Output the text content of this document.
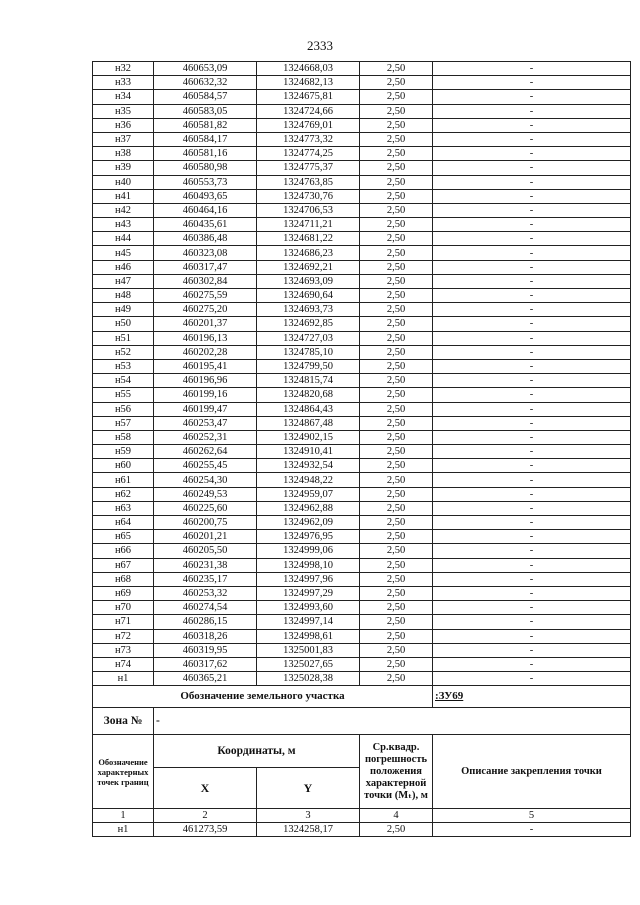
2333
н32	460653,09	1324668,03	2,50	-
н33	460632,32	1324682,13	2,50	-
н34	460584,57	1324675,81	2,50	-
н35	460583,05	1324724,66	2,50	-
н36	460581,82	1324769,01	2,50	-
н37	460584,17	1324773,32	2,50	-
н38	460581,16	1324774,25	2,50	-
н39	460580,98	1324775,37	2,50	-
н40	460553,73	1324763,85	2,50	-
н41	460493,65	1324730,76	2,50	-
н42	460464,16	1324706,53	2,50	-
н43	460435,61	1324711,21	2,50	-
н44	460386,48	1324681,22	2,50	-
н45	460323,08	1324686,23	2,50	-
н46	460317,47	1324692,21	2,50	-
н47	460302,84	1324693,09	2,50	-
н48	460275,59	1324690,64	2,50	-
н49	460275,20	1324693,73	2,50	-
н50	460201,37	1324692,85	2,50	-
н51	460196,13	1324727,03	2,50	-
н52	460202,28	1324785,10	2,50	-
н53	460195,41	1324799,50	2,50	-
н54	460196,96	1324815,74	2,50	-
н55	460199,16	1324820,68	2,50	-
н56	460199,47	1324864,43	2,50	-
н57	460253,47	1324867,48	2,50	-
н58	460252,31	1324902,15	2,50	-
н59	460262,64	1324910,41	2,50	-
н60	460255,45	1324932,54	2,50	-
н61	460254,30	1324948,22	2,50	-
н62	460249,53	1324959,07	2,50	-
н63	460225,60	1324962,88	2,50	-
н64	460200,75	1324962,09	2,50	-
н65	460201,21	1324976,95	2,50	-
н66	460205,50	1324999,06	2,50	-
н67	460231,38	1324998,10	2,50	-
н68	460235,17	1324997,96	2,50	-
н69	460253,32	1324997,29	2,50	-
н70	460274,54	1324993,60	2,50	-
н71	460286,15	1324997,14	2,50	-
н72	460318,26	1324998,61	2,50	-
н73	460319,95	1325001,83	2,50	-
н74	460317,62	1325027,65	2,50	-
н1	460365,21	1325028,38	2,50	-
Обозначение земельного участка				:ЗУ69
Зона №	-			
Обозначение характерных точек границ	Координаты, м		Ср.квадр. погрешность положения характерной точки (Mₜ), м	Описание закрепления точки
	X	Y		
1	2	3	4	5
н1	461273,59	1324258,17	2,50	-
